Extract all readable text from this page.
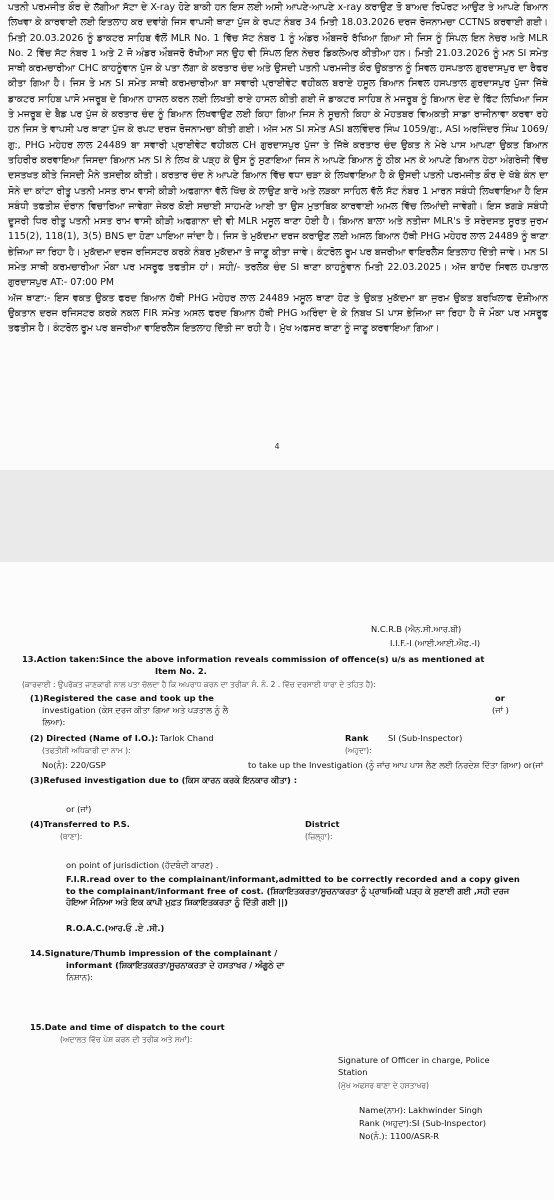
ਪਤਨੀ ਪਰਮਜੀਤ ਕੌਰ ਦੇ ਲੱਗੀਆ ਸੱਟਾ ਦੇ X-ray ਹੋਣੇ ਬਾਕੀ ਹਨ ਇਸ ਲਈ ਅਸੀ ਆਪਣੇ-ਆਪਣੇ x-ray ਕਰਾਉਣ ਤੋ ਬਾਅਦ ਰਿਪੋਰਟ ਆਉਣ ਤੇ ਆਪਣੇ ਬਿਆਨ ਲਿਖਵਾ ਕੇ ਕਾਰਵਾਈ ਲਈ ਇਤਲਾਹ ਕਰ ਦਵਾਂਗੇ ਜਿਸ ਵਾਪਸੀ ਥਾਣਾ ਪੁੱਜ ਕੇ ਰਪਟ ਨੰਬਰ 34 ਮਿਤੀ 18.03.2026 ਦਰਜ ਰੋਜਨਾਮਚਾ CCTNS ਕਰਵਾਈ ਗਈ। ਮਿਤੀ 20.03.2026 ਨੂੰ ਡਾਕਟਰ ਸਾਹਿਬ ਵੱਲੋਂ MLR No. 1 ਵਿੱਚ ਸੱਟ ਨੰਬਰ 1 ਨੂੰ ਅੰਡਰ ਔਬਜਰੋ ਰੱਖਿਆ ਗਿਆ ਸੀ ਜਿਸ ਨੂੰ ਸਿੰਪਲ ਇਨ ਨੇਚਰ ਅਤੇ MLR No. 2 ਵਿੱਚ ਸੱਟ ਨੰਬਰ 1 ਅਤੇ 2 ਜੋ ਅੰਡਰ ਔਬਜਰੋ ਰੱਖੀਆ ਸਨ ਉਹ ਵੀ ਸਿੰਪਲ ਇਨ ਨੇਚਰ ਡਿਕਲੇਅਰ ਕੀਤੀਆ ਹਨ। ਮਿਤੀ 21.03.2026 ਨੂੰ ਮਨ SI ਸਮੇਤ ਸਾਥੀ ਕਰਮਚਾਰੀਆ CHC ਕਾਹਨੂੰਵਾਨ ਪੁੱਜ ਕੇ ਪਤਾ ਲੱਗਾ ਕੇ ਕਰਤਾਰ ਚੰਦ ਅਤੇ ਉਸਦੀ ਪਤਨੀ ਪਰਮਜੀਤ ਕੌਰ ਉਕਤਾਨ ਨੂੰ ਸਿਵਲ ਹਸਪਤਾਲ ਗੁਰਦਾਸਪੁਰ ਦਾ ਰੈਫਰ ਕੀਤਾ ਗਿਆ ਹੈ। ਜਿਸ ਤੇ ਮਨ SI ਸਮੇਤ ਸਾਥੀ ਕਰਮਚਾਰੀਆ ਬਾ ਸਵਾਰੀ ਪ੍ਰਾਈਵੇਟ ਵਹੀਕਲ ਬਰਾਏ ਹਸੂਲ ਬਿਆਨ ਸਿਵਲ ਹਸਪਤਾਲ ਗੁਰਦਾਸਪੁਰ ਪੁੱਜਾ ਜਿੱਥੇ ਡਾਕਟਰ ਸਾਹਿਬ ਪਾਸੋ ਮਜਰੂਬ ਦੇ ਬਿਆਨ ਹਾਸਲ ਕਰਨ ਲਈ ਲਿਖਤੀ ਰਾਏ ਹਾਸਲ ਕੀਤੀ ਗਈ ਜੋ ਡਾਕਟਰ ਸਾਹਿਬ ਨੇ ਮਜਰੂਬ ਨੂੰ ਬਿਆਨ ਦੇਣ ਦੇ ਫਿੱਟ ਲਿਖਿਆ ਜਿਸ ਤੇ ਮਜਰੂਬ ਦੇ ਬੈਡ ਪਰ ਪੁੱਜ ਕੇ ਕਰਤਾਰ ਚੰਦ ਨੂੰ ਬਿਆਨ ਲਿਖਵਾਉਣ ਲਈ ਕਿਹਾ ਗਿਆ ਜਿਸ ਨੇ ਸੂਚਨੀ ਕਿਹਾ ਕੇ ਮੋਹਤਬਰ ਵਿਅਕਤੀ ਸਾਡਾ ਰਾਜੀਨਾਵਾ ਕਰਵਾ ਰਹੇ ਹਨ ਜਿਸ ਤੇ ਵਾਪਸੀ ਪਰ ਥਾਣਾ ਪੁੱਜ ਕੇ ਰਪਟ ਦਰਜ ਰੋਜਨਾਮਚਾ ਕੀਤੀ ਗਈ। ਅੱਜ ਮਨ SI ਸਮੇਤ ASI ਬਲਵਿੰਦਰ ਸਿੰਘ 1059/ਗੁ:, ASI ਅਰਜਿੰਦਰ ਸਿੰਘ 1069/ਗੁ:, PHG ਮਹੇਹਰ ਲਾਲ 24489 ਬਾ ਸਵਾਰੀ ਪ੍ਰਾਈਵੇਟ ਵਹੀਕਲ CH ਗੁਰਦਾਸਪੁਰ ਪੁੱਜਾ ਤੇ ਜਿੱਥੇ ਕਰਤਾਰ ਚੰਦ ਉਕਤ ਨੇ ਮੇਰੇ ਪਾਸ ਆਪਣਾ ਉਕਤ ਬਿਆਨ ਤਹਿਰੀਰ ਕਰਵਾਇਆ ਜਿਸਦਾ ਬਿਆਨ ਮਨ SI ਨੇ ਲਿਖ ਕੇ ਪੜ੍ਹ ਕੇ ਉਸ ਨੂੰ ਸੁਣਾਇਆ ਜਿਸ ਨੇ ਆਪਣੇ ਬਿਆਨ ਨੂੰ ਠੀਕ ਮਨ ਕੇ ਆਪਣੇ ਬਿਆਨ ਹੇਠਾ ਅੰਗਰੇਜੀ ਵਿੱਚ ਦਸਤਖਤ ਕੀਤੇ ਜਿਸਦੀ ਮੈਨੇ ਤਸਦੀਕ ਕੀਤੀ। ਕਰਤਾਰ ਚੰਦ ਨੇ ਆਪਣੇ ਬਿਆਨ ਵਿੱਚ ਵਧਾ ਚੜਾ ਕੇ ਲਿਖਵਾਇਆ ਹੈ ਕੇ ਉਸਦੀ ਪਤਨੀ ਪਰਮਜੀਤ ਕੌਰ ਦੇ ਖੱਬੇ ਕੰਨ ਦਾ ਸੋਨੇ ਦਾ ਕਾਂਟਾ ਰੀਤੂ ਪਤਨੀ ਮਸਤ ਰਾਮ ਵਾਸੀ ਕੀੜੀ ਅਫਗਾਨਾ ਵੱਲੋ ਖਿੱਚ ਕੇ ਲਾਉਣ ਬਾਰੇ ਅਤੇ ਲੜਕਾ ਸਾਹਿਲ ਵੱਲੋ ਸੱਟ ਨੰਬਰ 1 ਮਾਰਨ ਸਬੰਧੀ ਲਿਖਵਾਇਆ ਹੈ ਇਸ ਸਬੰਧੀ ਤਫਤੀਸ਼ ਦੌਰਾਨ ਵਿਚਾਰਿਆ ਜਾਵੇਗਾ ਜੇਕਰ ਕੋਈ ਸਚਾਈ ਸਾਹਮਣੇ ਆਈ ਤਾ ਉਸ ਮੁਤਾਬਿਕ ਕਾਰਵਾਈ ਅਮਲ ਵਿੱਚ ਲਿਆਂਦੀ ਜਾਵੇਗੀ। ਇਸ ਝਗੜੇ ਸਬੰਧੀ ਦੂਸਰੀ ਧਿਰ ਰੀਤੂ ਪਤਨੀ ਮਸਤ ਰਾਮ ਵਾਸੀ ਕੀੜੀ ਅਫਗਾਨਾ ਦੀ ਵੀ MLR ਮਸੂਲ ਥਾਣਾ ਹੋਈ ਹੈ। ਬਿਆਨ ਬਾਲਾ ਅਤੇ ਨਤੀਜਾ MLR's ਤੋ ਸਰੇਦਸਤ ਸੂਰਤ ਜੁਰਮ 115(2), 118(1), 3(5) BNS ਦਾ ਹੋਣਾ ਪਾਇਆ ਜਾਂਦਾ ਹੈ। ਜਿਸ ਤੇ ਮੁਕੱਦਮਾ ਦਰਜ ਕਰਾਉਣ ਲਈ ਅਸਲ ਬਿਆਨ ਹੱਥੀ PHG ਮਹੇਹਰ ਲਾਲ 24489 ਨੂੰ ਥਾਣਾ ਭੇਜਿਆ ਜਾ ਰਿਹਾ ਹੈ। ਮੁਕੱਦਮਾ ਦਰਜ ਰਜਿਸਟਰ ਕਰਕੇ ਨੰਬਰ ਮੁਕੱਦਮਾ ਤੋ ਜਾਣੂ ਕੀਤਾ ਜਾਵੇ। ਕੰਟਰੋਲ ਰੂਮ ਪਰ ਬਜਰੀਆ ਵਾਇਰਲੈਸ ਇਤਲਾਹ ਦਿੱਤੀ ਜਾਵੇ। ਮਨ SI ਸਮੇਤ ਸਾਥੀ ਕਰਮਚਾਰੀਆ ਮੌਕਾ ਪਰ ਮਸਰੂਫ ਤਫਤੀਸ ਹਾਂ। ਸਹੀ/- ਤਰਲੋਕ ਚੰਦ SI ਥਾਣਾ ਕਾਹਨੂੰਵਾਨ ਮਿਤੀ 22.03.2025। ਅੱਜ ਬਾਹੱਦ ਸਿਵਲ ਹਪਤਾਲ ਗੁਰਦਾਸਪੁਰ AT:- 07:00 PM

ਅੱਜ ਥਾਣਾ:- ਇਸ ਵਕਤ ਉਕਤ ਫਰਦ ਬਿਆਨ ਹੱਥੀ PHG ਮਹੇਹਰ ਲਾਲ 24489 ਮਸੂਲ ਥਾਣਾ ਹੋਣ ਤੇ ਉਕਤ ਮੁਕੱਦਮਾ ਬਾ ਜੁਰਮ ਉਕਤ ਬਰਖਿਲਾਫ ਦੋਸ਼ੀਆਨ ਉਕਤਾਨ ਦਰਜ ਰਜਿਸਟਰ ਕਰਕੇ ਨਕਲ FIR ਸਮੇਤ ਅਸਲ ਫਰਦ ਬਿਆਨ ਹੱਥੀ PHG ਅਰਿੰਦਾ ਦੇ ਕੇ ਨਿਬਖ SI ਪਾਸ ਭੇਜਿਆ ਜਾ ਰਿਹਾ ਹੈ ਜੋ ਮੌਕਾ ਪਰ ਮਸਰੂਫ ਤਫਤੀਸ ਹੈ। ਕੰਟਰੋਲ ਰੂਮ ਪਰ ਬਜਰੀਆ ਵਾਇਰਲੈਸ ਇਤਲਾਹ ਦਿੱਤੀ ਜਾ ਰਹੀ ਹੈ। ਮੁੱਖ ਅਫਸਰ ਥਾਣਾ ਨੂੰ ਜਾਣੂ ਕਰਵਾਇਆ ਗਿਆ।

4
N.C.R.B (ਐਨ.ਸੀ.ਆਰ.ਬੀ)
I.I.F.-I (ਆਈ.ਆਈ.ਐਫ.-I)
13.Action taken:Since the above information reveals commission of offence(s) u/s as mentioned at
Item No. 2.
(ਕਾਰਵਾਈ : ਉਪਰੋਕਤ ਜਾਣਕਾਰੀ ਨਾਲ ਪਤਾ ਚੱਲਦਾ ਹੈ ਕਿ ਅਪਰਾਧ ਕਰਨ ਦਾ ਤਰੀਕਾ ਸੰ. ਨੰ. 2 . ਵਿੱਚ ਦਰਸਾਈ ਧਾਰਾ ਦੇ ਤਹਿਤ ਹੈ):
(1)Registered the case and took up the	or
investigation (ਕੇਸ ਦਰਜ ਕੀਤਾ ਗਿਆ ਅਤੇ ਪੜਤਾਲ ਨੂੰ ਲੈ	(ਜਾਂ )
ਲਿਆ):
(2) Directed (Name of I.O.): Tarlok Chand	Rank SI (Sub-Inspector)
(ਤਫਤੀਸ਼ੀ ਅਧਿਕਾਰੀ ਦਾ ਨਾਮ ):	(ਅਹੁਦਾ):
No(ਨੰ): 220/GSP	to take up the Investigation (ਨੂੰ ਜਾਂਚ ਆਪ ਪਾਸ ਲੈਣ ਲਈ ਨਿਰਦੇਸ਼ ਦਿੱਤਾ ਗਿਆ) or(ਜਾਂ
(3)Refused investigation due to (ਕਿਸ ਕਾਰਨ ਕਰਕੇ ਇਨਕਾਰ ਕੀਤਾ) :
or (ਜਾਂ)
(4)Transferred to P.S.
(ਥਾਣਾ):
District
(ਜ਼ਿਲ੍ਹਾ):
on point of jurisdiction (ਹੱਦਬੰਦੀ ਕਾਰਣ) .
F.I.R.read over to the complainant/informant,admitted to be correctly recorded and a copy given to the complainant/informant free of cost. (ਸ਼ਿਕਾਇਤਕਰਤਾ/ਸੂਚਨਾਕਰਤਾ ਨੂੰ ਪ੍ਰਾਥਮਿਕੀ ਪੜ੍ਹ ਕੇ ਸੁਣਾਈ ਗਈ ,ਸਹੀ ਦਰਜ ਹੋਇਆ ਮੰਨਿਆ ਅਤੇ ਇਕ ਕਾਪੀ ਮੁਫ਼ਤ ਸ਼ਿਕਾਇਤਕਰਤਾ ਨੂੰ ਦਿੱਤੀ ਗਈ ||)
R.O.A.C.(ਆਰ.ਓ .ਏ .ਸੀ.)
14.Signature/Thumb impression of the complainant /
informant (ਸ਼ਿਕਾਇਤਕਰਤਾ/ਸੂਚਨਾਕਰਤਾ ਦੇ ਹਸਤਾਖਰ / ਅੰਗੂਠੇ ਦਾ
ਨਿਸ਼ਾਨ):
15.Date and time of dispatch to the court
(ਅਦਾਲਤ ਵਿੱਚ ਪੇਸ਼ ਕਰਨ ਦੀ ਤਰੀਕ ਅਤੇ ਸਮਾਂ):
Signature of Officer in charge, Police
Station
(ਮੁੱਖ ਅਫਸਰ ਥਾਣਾ ਦੇ ਹਸਤਾਖਰ)
Name(ਨਾਮ): Lakhwinder Singh
Rank (ਅਹੁਦਾ):SI (Sub-Inspector)
No(ਨੰ.): 1100/ASR-R
